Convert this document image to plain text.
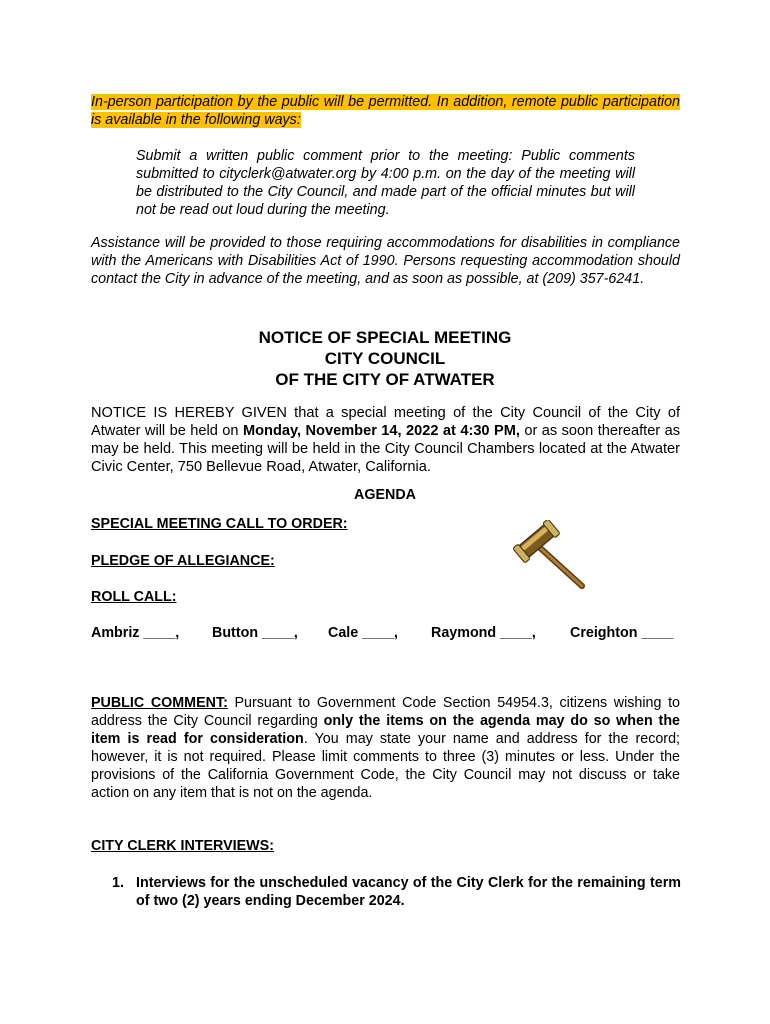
In-person participation by the public will be permitted. In addition, remote public participation is available in the following ways:
Submit a written public comment prior to the meeting: Public comments submitted to cityclerk@atwater.org by 4:00 p.m. on the day of the meeting will be distributed to the City Council, and made part of the official minutes but will not be read out loud during the meeting.
Assistance will be provided to those requiring accommodations for disabilities in compliance with the Americans with Disabilities Act of 1990. Persons requesting accommodation should contact the City in advance of the meeting, and as soon as possible, at (209) 357-6241.
NOTICE OF SPECIAL MEETING
CITY COUNCIL
OF THE CITY OF ATWATER
NOTICE IS HEREBY GIVEN that a special meeting of the City Council of the City of Atwater will be held on Monday, November 14, 2022 at 4:30 PM, or as soon thereafter as may be held. This meeting will be held in the City Council Chambers located at the Atwater Civic Center, 750 Bellevue Road, Atwater, California.
AGENDA
SPECIAL MEETING CALL TO ORDER:
PLEDGE OF ALLEGIANCE:
ROLL CALL:
Ambriz ____, Button ____, Cale ____, Raymond ____, Creighton ____
PUBLIC COMMENT: Pursuant to Government Code Section 54954.3, citizens wishing to address the City Council regarding only the items on the agenda may do so when the item is read for consideration. You may state your name and address for the record; however, it is not required. Please limit comments to three (3) minutes or less. Under the provisions of the California Government Code, the City Council may not discuss or take action on any item that is not on the agenda.
CITY CLERK INTERVIEWS:
1. Interviews for the unscheduled vacancy of the City Clerk for the remaining term of two (2) years ending December 2024.
